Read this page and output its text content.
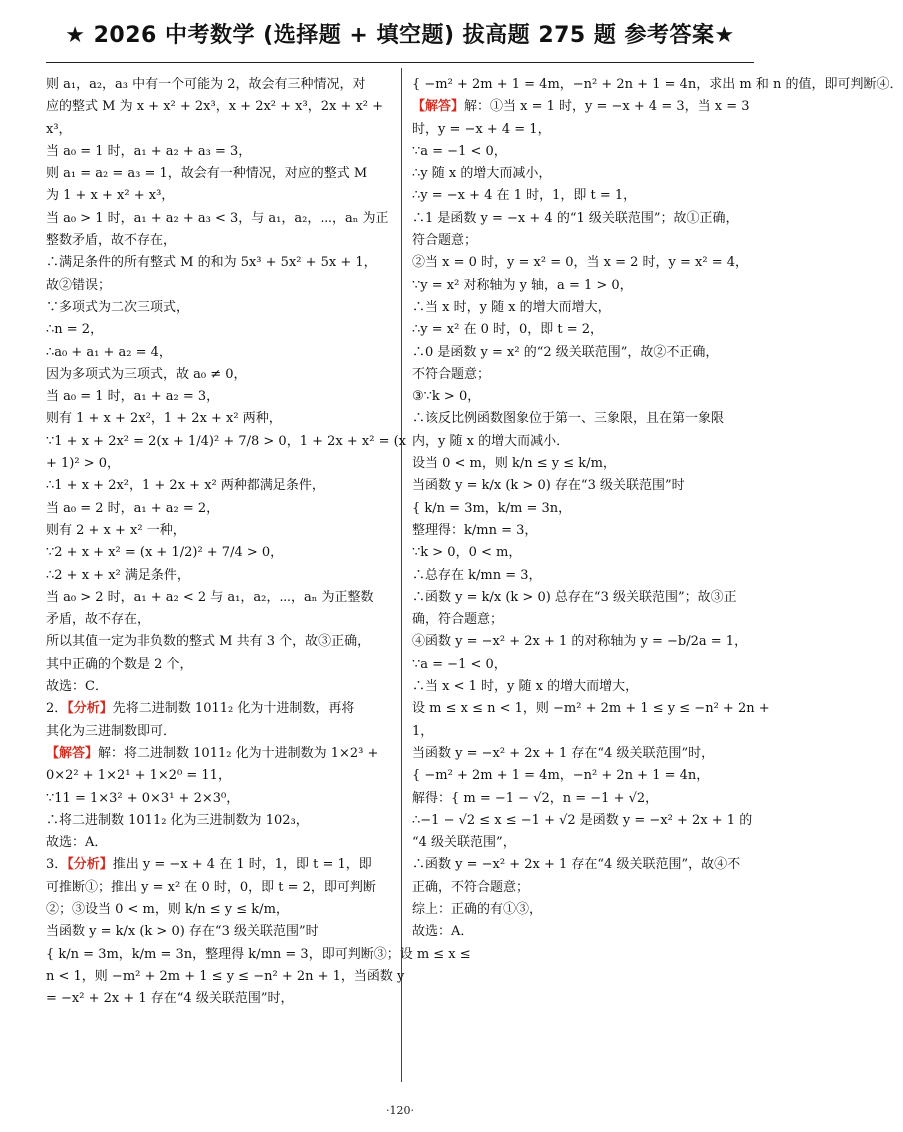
★ 2026 中考数学 (选择题 + 填空题) 拔高题 275 题 参考答案★
则 a₁，a₂，a₃ 中有一个可能为 2，故会有三种情况，对
应的整式 M 为 x + x² + 2x³，x + 2x² + x³，2x + x² +
x³，
当 a₀ = 1 时，a₁ + a₂ + a₃ = 3，
则 a₁ = a₂ = a₃ = 1，故会有一种情况，对应的整式 M
为 1 + x + x² + x³，
当 a₀ > 1 时，a₁ + a₂ + a₃ < 3，与 a₁，a₂，⋯，aₙ 为正
整数矛盾，故不存在，
∴满足条件的所有整式 M 的和为 5x³ + 5x² + 5x + 1，
故②错误；
∵多项式为二次三项式，
∴n = 2，
∴a₀ + a₁ + a₂ = 4，
因为多项式为三项式，故 a₀ ≠ 0，
当 a₀ = 1 时，a₁ + a₂ = 3，
则有 1 + x + 2x²，1 + 2x + x² 两种，
∵1 + x + 2x² = 2(x + 1/4)² + 7/8 > 0，1 + 2x + x² = (x
+ 1)² > 0，
∴1 + x + 2x²，1 + 2x + x² 两种都满足条件，
当 a₀ = 2 时，a₁ + a₂ = 2，
则有 2 + x + x² 一种，
∵2 + x + x² = (x + 1/2)² + 7/4 > 0，
∴2 + x + x² 满足条件，
当 a₀ > 2 时，a₁ + a₂ < 2 与 a₁，a₂，⋯，aₙ 为正整数
矛盾，故不存在，
所以其值一定为非负数的整式 M 共有 3 个，故③正确，
其中正确的个数是 2 个，
故选：C．
2．【分析】先将二进制数 1011₂ 化为十进制数，再将
其化为三进制数即可．
【解答】解：将二进制数 1011₂ 化为十进制数为 1×2³ +
0×2² + 1×2¹ + 1×2⁰ = 11，
∵11 = 1×3² + 0×3¹ + 2×3⁰，
∴将二进制数 1011₂ 化为三进制数为 102₃，
故选：A．
3．【分析】推出 y = −x + 4 在 1 时，1，即 t = 1，即
可推断①；推出 y = x² 在 0 时，0，即 t = 2，即可判断
②；③设当 0 < m，则 k/n ≤ y ≤ k/m，
当函数 y = k/x (k > 0) 存在“3 级关联范围”时
{ k/n = 3m，k/m = 3n，整理得 k/mn = 3，即可判断③；设 m ≤ x ≤
n < 1，则 −m² + 2m + 1 ≤ y ≤ −n² + 2n + 1，当函数 y
= −x² + 2x + 1 存在“4 级关联范围”时，
{ −m² + 2m + 1 = 4m，−n² + 2n + 1 = 4n，求出 m 和 n 的值，即可判断④．
【解答】解：①当 x = 1 时，y = −x + 4 = 3，当 x = 3
时，y = −x + 4 = 1，
∵a = −1 < 0，
∴y 随 x 的增大而减小，
∴y = −x + 4 在 1 时，1，即 t = 1，
∴1 是函数 y = −x + 4 的“1 级关联范围”；故①正确，
符合题意；
②当 x = 0 时，y = x² = 0，当 x = 2 时，y = x² = 4，
∵y = x² 对称轴为 y 轴，a = 1 > 0，
∴当 x 时，y 随 x 的增大而增大，
∴y = x² 在 0 时，0，即 t = 2，
∴0 是函数 y = x² 的“2 级关联范围”，故②不正确，
不符合题意；
③∵k > 0，
∴该反比例函数图象位于第一、三象限，且在第一象限
内，y 随 x 的增大而减小．
设当 0 < m，则 k/n ≤ y ≤ k/m，
当函数 y = k/x (k > 0) 存在“3 级关联范围”时
{ k/n = 3m，k/m = 3n，
整理得：k/mn = 3，
∵k > 0，0 < m，
∴总存在 k/mn = 3，
∴函数 y = k/x (k > 0) 总存在“3 级关联范围”；故③正
确，符合题意；
④函数 y = −x² + 2x + 1 的对称轴为 y = −b/2a = 1，
∵a = −1 < 0，
∴当 x < 1 时，y 随 x 的增大而增大，
设 m ≤ x ≤ n < 1，则 −m² + 2m + 1 ≤ y ≤ −n² + 2n +
1，
当函数 y = −x² + 2x + 1 存在“4 级关联范围”时，
{ −m² + 2m + 1 = 4m，−n² + 2n + 1 = 4n，
解得：{ m = −1 − √2，n = −1 + √2，
∴−1 − √2 ≤ x ≤ −1 + √2 是函数 y = −x² + 2x + 1 的
“4 级关联范围”，
∴函数 y = −x² + 2x + 1 存在“4 级关联范围”，故④不
正确，不符合题意；
综上：正确的有①③，
故选：A．
·120·
